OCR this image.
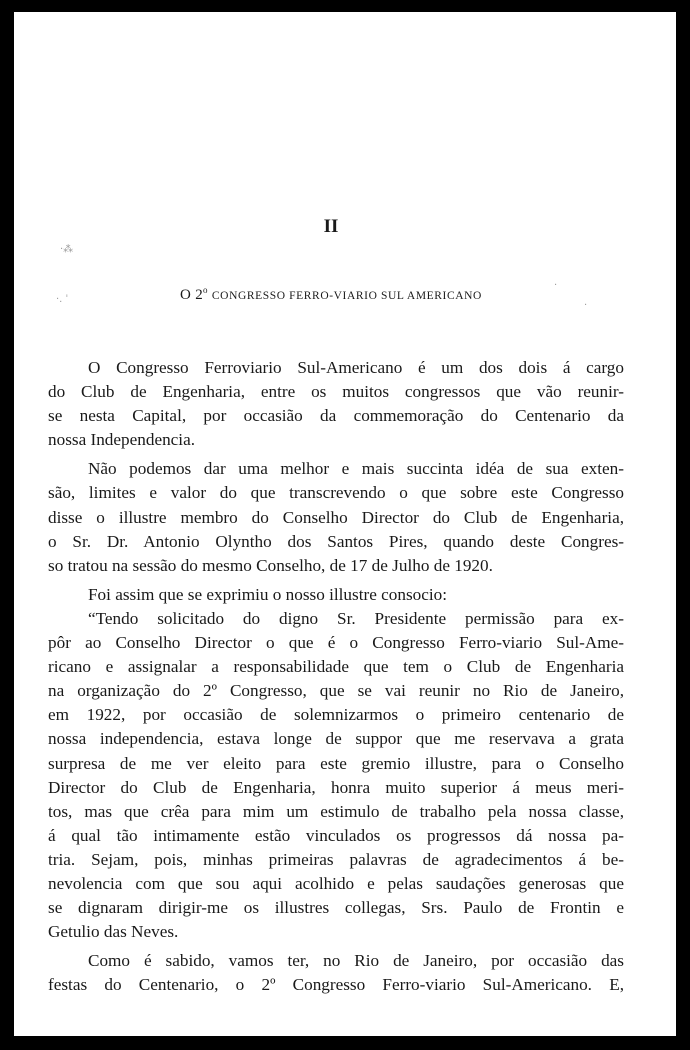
·⁂
·. ˈ
·
·
II
O 2$^o$ CONGRESSO FERRO-VIARIO SUL AMERICANO
O Congresso Ferroviario Sul-Americano é um dos dois á cargo
do Club de Engenharia, entre os muitos congressos que vão reunir-
se nesta Capital, por occasião da commemoração do Centenario da
nossa Independencia.
Não podemos dar uma melhor e mais succinta idéa de sua exten-
são, limites e valor do que transcrevendo o que sobre este Congresso
disse o illustre membro do Conselho Director do Club de Engenharia,
o Sr. Dr. Antonio Olyntho dos Santos Pires, quando deste Congres-
so tratou na sessão do mesmo Conselho, de 17 de Julho de 1920.
Foi assim que se exprimiu o nosso illustre consocio:
“Tendo solicitado do digno Sr. Presidente permissão para ex-
pôr ao Conselho Director o que é o Congresso Ferro-viario Sul-Ame-
ricano e assignalar a responsabilidade que tem o Club de Engenharia
na organização do 2º Congresso, que se vai reunir no Rio de Janeiro,
em 1922, por occasião de solemnizarmos o primeiro centenario de
nossa independencia, estava longe de suppor que me reservava a grata
surpresa de me ver eleito para este gremio illustre, para o Conselho
Director do Club de Engenharia, honra muito superior á meus meri-
tos, mas que crêa para mim um estimulo de trabalho pela nossa classe,
á qual tão intimamente estão vinculados os progressos dá nossa pa-
tria. Sejam, pois, minhas primeiras palavras de agradecimentos á be-
nevolencia com que sou aqui acolhido e pelas saudações generosas que
se dignaram dirigir-me os illustres collegas, Srs. Paulo de Frontin e
Getulio das Neves.
Como é sabido, vamos ter, no Rio de Janeiro, por occasião das
festas do Centenario, o 2º Congresso Ferro-viario Sul-Americano. E,
